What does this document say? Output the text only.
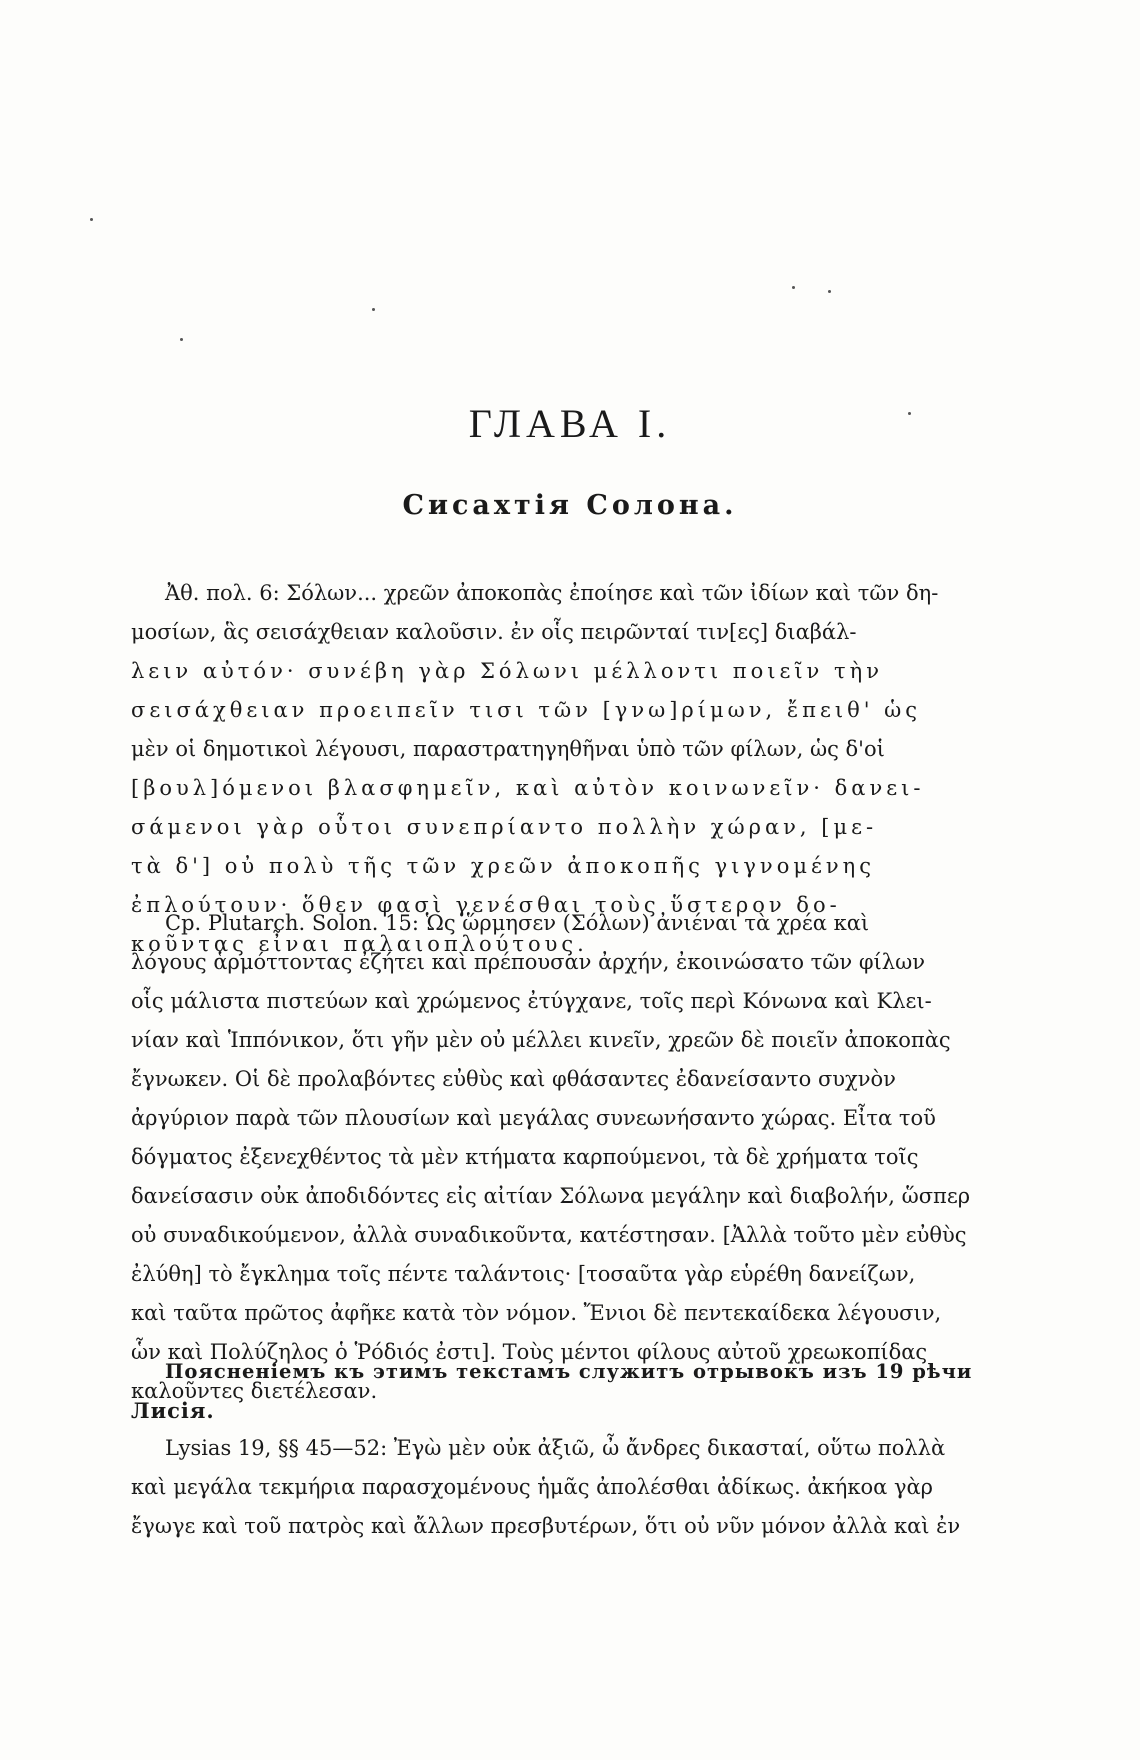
ГЛАВА I.
Сисахтія Солона.
Ἀθ. πολ. 6: Σόλων... χρεῶν ἀποκοπὰς ἐποίησε καὶ τῶν ἰδίων καὶ τῶν δη-
μοσίων, ἃς σεισάχθειαν καλοῦσιν. ἐν οἷς πειρῶνταί τιν[ες] διαβάλ-
λειν αὐτόν· συνέβη γὰρ Σόλωνι μέλλοντι ποιεῖν τὴν
σεισάχθειαν προειπεῖν τισι τῶν [γνω]ρίμων, ἔπειθ' ὡς
μὲν οἱ δημοτικοὶ λέγουσι, παραστρατηγηθῆναι ὑπὸ τῶν φίλων, ὡς δ'οἱ
[βουλ]όμενοι βλασφημεῖν, καὶ αὐτὸν κοινωνεῖν· δανει-
σάμενοι γὰρ οὗτοι συνεπρίαντο πολλὴν χώραν, [με-
τὰ δ'] οὐ πολὺ τῆς τῶν χρεῶν ἀποκοπῆς γιγνομένης
ἐπλούτουν· ὅθεν φασὶ γενέσθαι τοὺς ὕστερον δο-
κοῦντας εἶναι παλαιοπλούτους.
Cp. Plutarch. Solon. 15: Ὡς ὥρμησεν (Σόλων) ἀνιέναι τὰ χρέα καὶ
λόγους ἁρμόττοντας ἐζήτει καὶ πρέπουσαν ἀρχήν, ἐκοινώσατο τῶν φίλων
οἷς μάλιστα πιστεύων καὶ χρώμενος ἐτύγχανε, τοῖς περὶ Κόνωνα καὶ Κλει-
νίαν καὶ Ἱππόνικον, ὅτι γῆν μὲν οὐ μέλλει κινεῖν, χρεῶν δὲ ποιεῖν ἀποκοπὰς
ἔγνωκεν. Οἱ δὲ προλαβόντες εὐθὺς καὶ φθάσαντες ἐδανείσαντο συχνὸν
ἀργύριον παρὰ τῶν πλουσίων καὶ μεγάλας συνεωνήσαντο χώρας. Εἶτα τοῦ
δόγματος ἐξενεχθέντος τὰ μὲν κτήματα καρπούμενοι, τὰ δὲ χρήματα τοῖς
δανείσασιν οὐκ ἀποδιδόντες εἰς αἰτίαν Σόλωνα μεγάλην καὶ διαβολήν, ὥσπερ
οὐ συναδικούμενον, ἀλλὰ συναδικοῦντα, κατέστησαν. [Ἀλλὰ τοῦτο μὲν εὐθὺς
ἐλύθη] τὸ ἔγκλημα τοῖς πέντε ταλάντοις· [τοσαῦτα γὰρ εὑρέθη δανείζων,
καὶ ταῦτα πρῶτος ἀφῆκε κατὰ τὸν νόμον. Ἔνιοι δὲ πεντεκαίδεκα λέγουσιν,
ὧν καὶ Πολύζηλος ὁ Ῥόδιός ἐστι]. Τοὺς μέντοι φίλους αὐτοῦ χρεωκοπίδας
καλοῦντες διετέλεσαν.
Поясненіемъ къ этимъ текстамъ служитъ отрывокъ изъ 19 рѣчи
Лисія.
Lysias 19, §§ 45—52: Ἐγὼ μὲν οὐκ ἀξιῶ, ὦ ἄνδρες δικασταί, οὕτω πολλὰ
καὶ μεγάλα τεκμήρια παρασχομένους ἡμᾶς ἀπολέσθαι ἀδίκως. ἀκήκοα γὰρ
ἔγωγε καὶ τοῦ πατρὸς καὶ ἄλλων πρεσβυτέρων, ὅτι οὐ νῦν μόνον ἀλλὰ καὶ ἐν
